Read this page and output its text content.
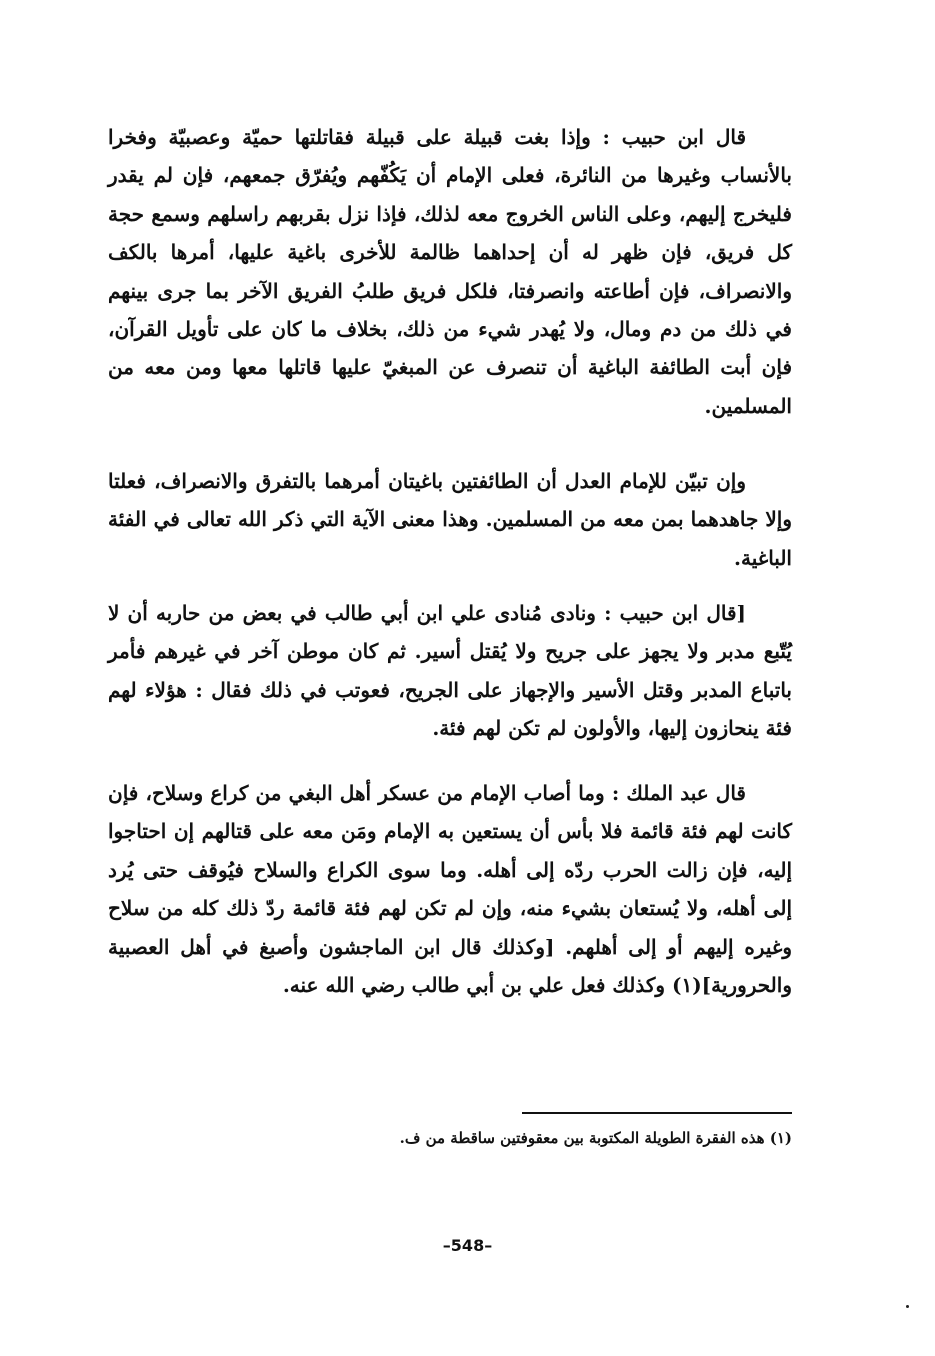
قال ابن حبيب : وإذا بغت قبيلة على قبيلة فقاتلتها حميّة وعصبيّة وفخرا بالأنساب وغيرها من النائرة، فعلى الإمام أن يَكُفّهم ويُفرّق جمعهم، فإن لم يقدر فليخرج إليهم، وعلى الناس الخروج معه لذلك، فإذا نزل بقربهم راسلهم وسمع حجة كل فريق، فإن ظهر له أن إحداهما ظالمة للأخرى باغية عليها، أمرها بالكف والانصراف، فإن أطاعته وانصرفتا، فلكل فريق طلبُ الفريق الآخر بما جرى بينهم في ذلك من دم ومال، ولا يُهدر شيء من ذلك، بخلاف ما كان على تأويل القرآن، فإن أبت الطائفة الباغية أن تنصرف عن المبغيّ عليها قاتلها معها ومن معه من المسلمين.

وإن تبيّن للإمام العدل أن الطائفتين باغيتان أمرهما بالتفرق والانصراف، فعلتا وإلا جاهدهما بمن معه من المسلمين. وهذا معنى الآية التي ذكر الله تعالى في الفئة الباغية.

[قال ابن حبيب : ونادى مُنادى علي ابن أبي طالب في بعض من حاربه أن لا يُتّبع مدبر ولا يجهز على جريح ولا يُقتل أسير. ثم كان موطن آخر في غيرهم فأمر باتباع المدبر وقتل الأسير والإجهاز على الجريح، فعوتب في ذلك فقال : هؤلاء لهم فئة ينحازون إليها، والأولون لم تكن لهم فئة.

قال عبد الملك : وما أصاب الإمام من عسكر أهل البغي من كراع وسلاح، فإن كانت لهم فئة قائمة فلا بأس أن يستعين به الإمام ومَن معه على قتالهم إن احتاجوا إليه، فإن زالت الحرب ردّه إلى أهله. وما سوى الكراع والسلاح فيُوقف حتى يُرد إلى أهله، ولا يُستعان بشيء منه، وإن لم تكن لهم فئة قائمة ردّ ذلك كله من سلاح وغيره إليهم أو إلى أهلهم. [وكذلك قال ابن الماجشون وأصبغ في أهل العصبية والحرورية](١) وكذلك فعل علي بن أبي طالب رضي الله عنه.

(١) هذه الفقرة الطويلة المكتوبة بين معقوفتين ساقطة من ف.
–548–
